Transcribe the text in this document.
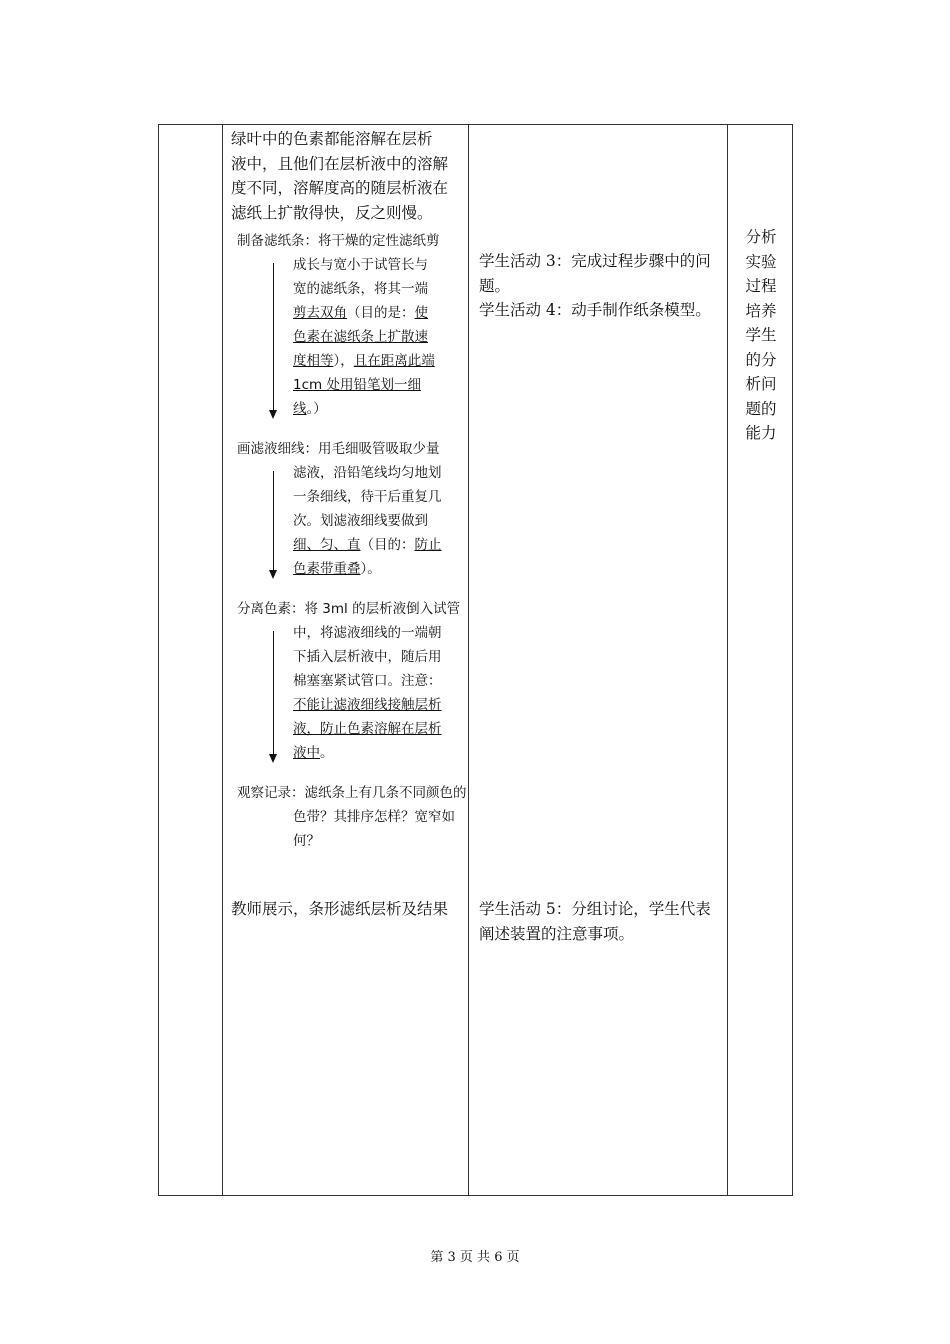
绿叶中的色素都能溶解在层析
液中，且他们在层析液中的溶解
度不同，溶解度高的随层析液在
滤纸上扩散得快，反之则慢。
制备滤纸条：将干燥的定性滤纸剪
成长与宽小于试管长与
宽的滤纸条，将其一端
剪去双角（目的是：使
色素在滤纸条上扩散速
度相等），且在距离此端
1cm 处用铅笔划一细
线。）
画滤液细线：用毛细吸管吸取少量
滤液，沿铅笔线均匀地划
一条细线，待干后重复几
次。划滤液细线要做到
细、匀、直（目的：防止
色素带重叠）。
分离色素：将 3ml 的层析液倒入试管
中，将滤液细线的一端朝
下插入层析液中，随后用
棉塞塞紧试管口。注意：
不能让滤液细线接触层析
液，防止色素溶解在层析
液中。
观察记录：滤纸条上有几条不同颜色的
色带？其排序怎样？宽窄如
何？
教师展示，条形滤纸层析及结果
学生活动 3：完成过程步骤中的问
题。
学生活动 4：动手制作纸条模型。
学生活动 5：分组讨论，学生代表
阐述装置的注意事项。
分析
实验
过程
培养
学生
的分
析问
题的
能力
第 3 页 共 6 页
